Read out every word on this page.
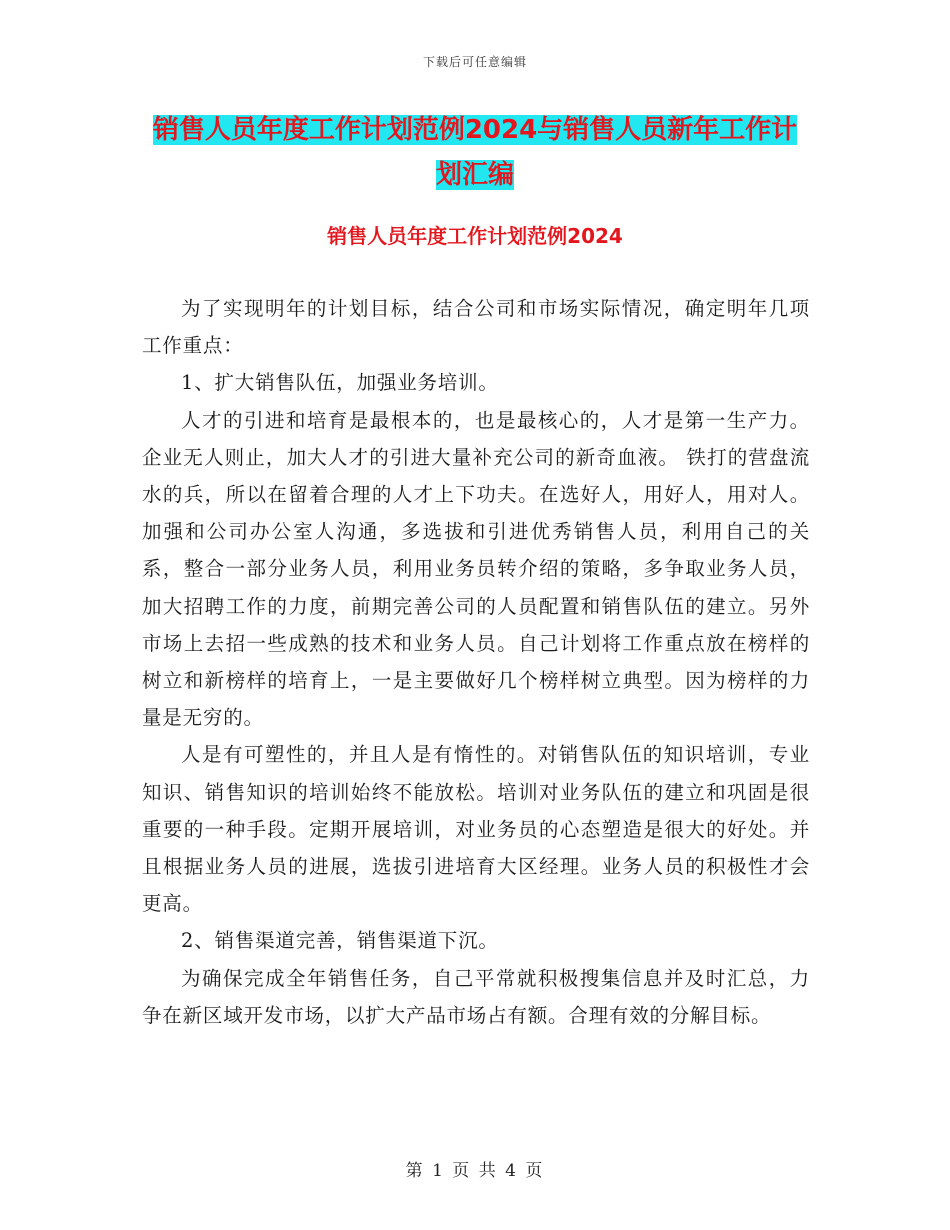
下载后可任意编辑
销售人员年度工作计划范例2024与销售人员新年工作计划汇编
销售人员年度工作计划范例2024

为了实现明年的计划目标，结合公司和市场实际情况，确定明年几项工作重点：

1、扩大销售队伍，加强业务培训。

人才的引进和培育是最根本的，也是最核心的，人才是第一生产力。企业无人则止，加大人才的引进大量补充公司的新奇血液。 铁打的营盘流水的兵，所以在留着合理的人才上下功夫。在选好人，用好人，用对人。加强和公司办公室人沟通，多选拔和引进优秀销售人员，利用自己的关系，整合一部分业务人员，利用业务员转介绍的策略，多争取业务人员，加大招聘工作的力度，前期完善公司的人员配置和销售队伍的建立。另外市场上去招一些成熟的技术和业务人员。自己计划将工作重点放在榜样的树立和新榜样的培育上，一是主要做好几个榜样树立典型。因为榜样的力量是无穷的。

人是有可塑性的，并且人是有惰性的。对销售队伍的知识培训，专业知识、销售知识的培训始终不能放松。培训对业务队伍的建立和巩固是很重要的一种手段。定期开展培训，对业务员的心态塑造是很大的好处。并且根据业务人员的进展，选拔引进培育大区经理。业务人员的积极性才会更高。

2、销售渠道完善，销售渠道下沉。

为确保完成全年销售任务，自己平常就积极搜集信息并及时汇总，力争在新区域开发市场，以扩大产品市场占有额。合理有效的分解目标。

第 1 页 共 4 页
